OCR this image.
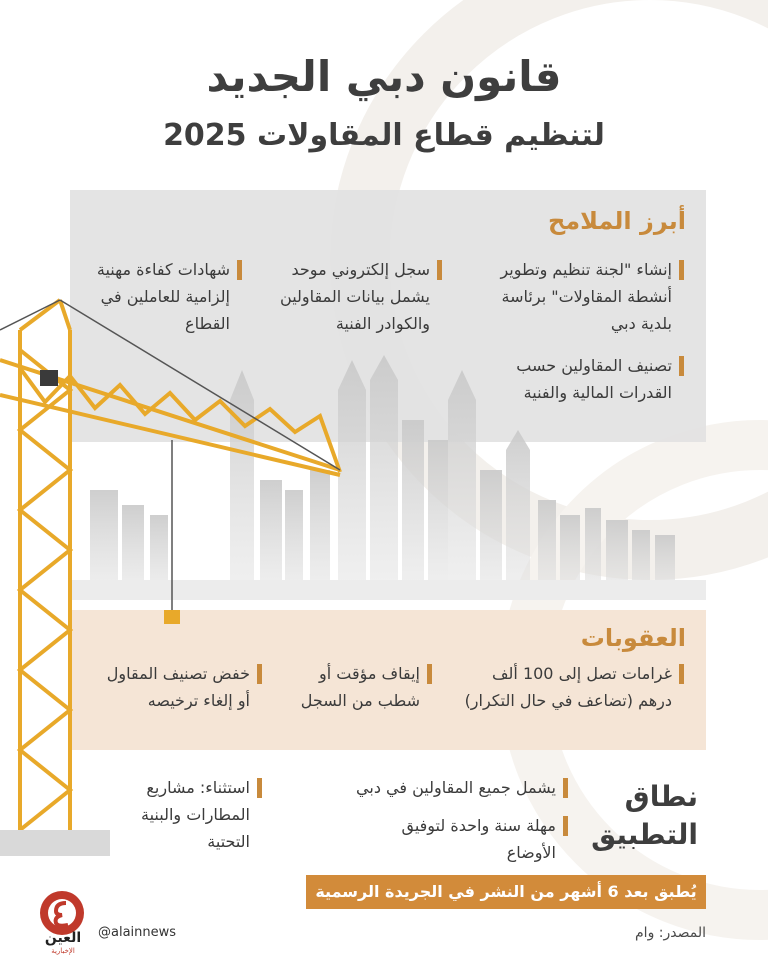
قانون دبي الجديد
لتنظيم قطاع المقاولات 2025
أبرز الملامح
إنشاء "لجنة تنظيم وتطوير أنشطة المقاولات" برئاسة بلدية دبي
سجل إلكتروني موحد يشمل بيانات المقاولين والكوادر الفنية
شهادات كفاءة مهنية إلزامية للعاملين في القطاع
تصنيف المقاولين حسب القدرات المالية والفنية
العقوبات
غرامات تصل إلى 100 ألف درهم (تضاعف في حال التكرار)
إيقاف مؤقت أو شطب من السجل
خفض تصنيف المقاول أو إلغاء ترخيصه
نطاق التطبيق
يشمل جميع المقاولين في دبي
مهلة سنة واحدة لتوفيق الأوضاع
استثناء: مشاريع المطارات والبنية التحتية
يُطبق بعد 6 أشهر من النشر في الجريدة الرسمية
العين
الإخبارية
@alainnews	المصدر: وام
